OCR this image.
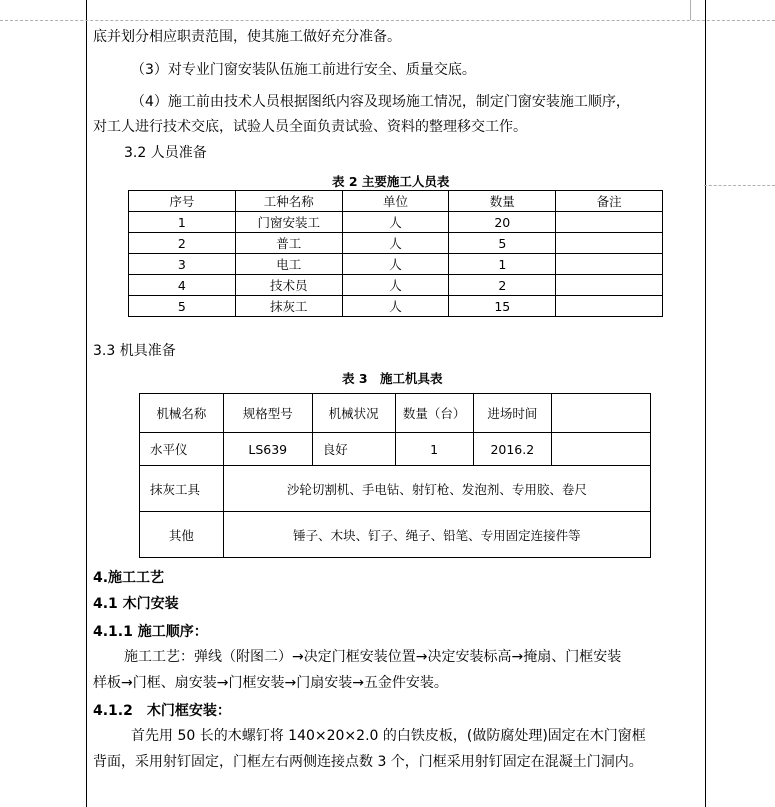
底并划分相应职责范围，使其施工做好充分准备。
（3）对专业门窗安装队伍施工前进行安全、质量交底。
（4）施工前由技术人员根据图纸内容及现场施工情况，制定门窗安装施工顺序，
对工人进行技术交底，试验人员全面负责试验、资料的整理移交工作。
3.2 人员准备
表 2 主要施工人员表
序号	工种名称	单位	数量	备注
1	门窗安装工	人	20	
2	普工	人	5	
3	电工	人	1	
4	技术员	人	2	
5	抹灰工	人	15	
3.3 机具准备
表 3　施工机具表
机械名称	规格型号	机械状况	数量（台）	进场时间	
水平仪	LS639	良好	1	2016.2	
抹灰工具	沙轮切割机、手电钻、射钉枪、发泡剂、专用胶、卷尺				
其他	锤子、木块、钉子、绳子、铅笔、专用固定连接件等				
4.施工工艺
4.1 木门安装
4.1.1 施工顺序：
施工工艺：弹线（附图二）→决定门框安装位置→决定安装标高→掩扇、门框安装
样板→门框、扇安装→门框安装→门扇安装→五金件安装。
4.1.2　木门框安装：
首先用 50 长的木螺钉将 140×20×2.0 的白铁皮板，(做防腐处理)固定在木门窗框
背面，采用射钉固定，门框左右两侧连接点数 3 个，门框采用射钉固定在混凝土门洞内。
